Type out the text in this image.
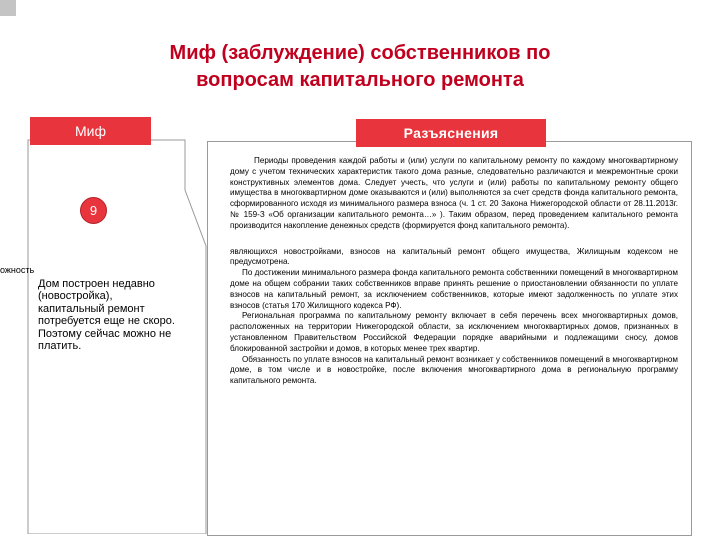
Миф (заблуждение) собственников по
вопросам капитального ремонта
Миф	Разъяснения
9
ожность
Дом построен недавно (новостройка), капитальный ремонт потребуется еще не скоро. Поэтому сейчас можно не платить.

Периоды проведения каждой работы и (или) услуги по капитальному ремонту по каждому многоквартирному дому с учетом технических характеристик такого дома разные, следовательно различаются и межремонтные сроки конструктивных элементов дома. Следует учесть, что услуги и (или) работы по капитальному ремонту общего имущества в многоквартирном доме оказываются и (или) выполняются за счет средств фонда капитального ремонта, сформированного исходя из минимального размера взноса (ч. 1 ст. 20 Закона Нижегородской области от 28.11.2013г. № 159-З «Об организации капитального ремонта…» ). Таким образом, перед проведением капитального ремонта производится накопление денежных средств (формируется фонд капитального ремонта).

являющихся новостройками, взносов на капитальный ремонт общего имущества, Жилищным кодексом не предусмотрена.

По достижении минимального размера фонда капитального ремонта собственники помещений в многоквартирном доме на общем собрании таких собственников вправе принять решение о приостановлении обязанности по уплате взносов на капитальный ремонт, за исключением собственников, которые имеют задолженность по уплате этих взносов (статья 170 Жилищного кодекса РФ).

Региональная программа по капитальному ремонту включает в себя перечень всех многоквартирных домов, расположенных на территории Нижегородской области, за исключением многоквартирных домов, признанных в установленном Правительством Российской Федерации порядке аварийными и подлежащими сносу, домов блокированной застройки и домов, в которых менее трех квартир.

Обязанность по уплате взносов на капитальный ремонт возникает у собственников помещений в многоквартирном доме, в том числе и в новостройке, после включения многоквартирного дома в региональную программу капитального ремонта.
